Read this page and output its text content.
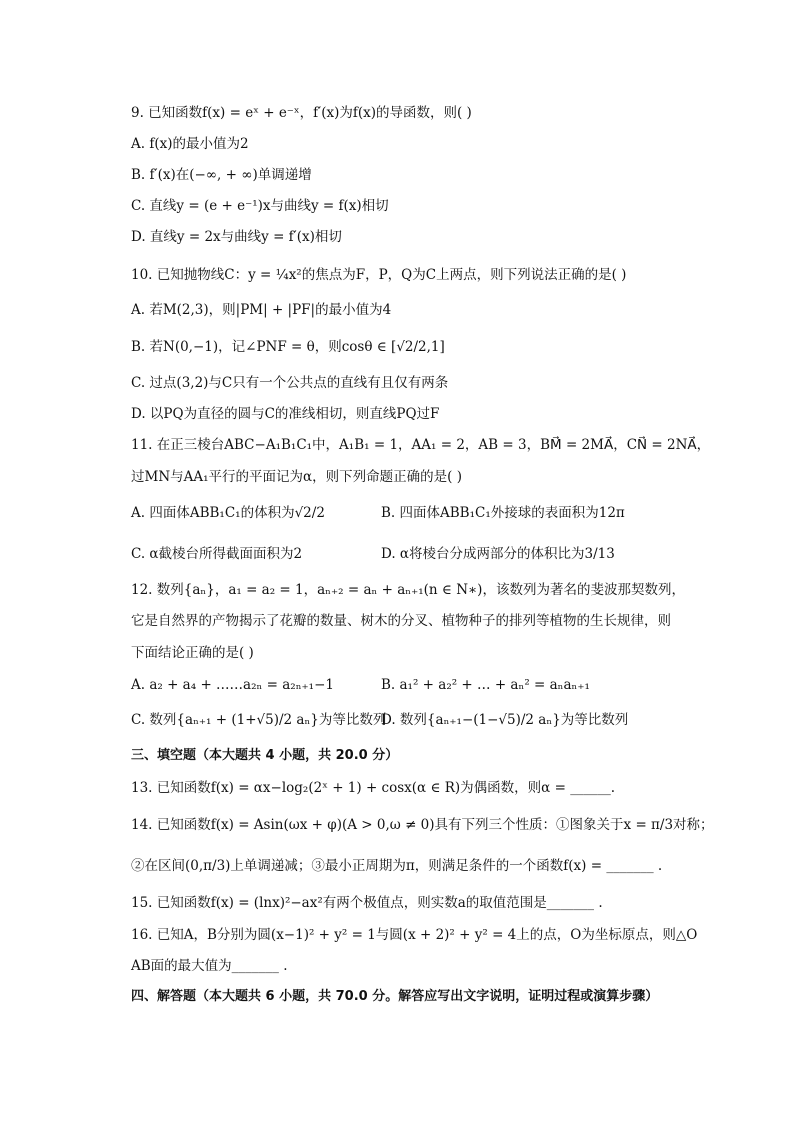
9. 已知函数f(x) = eˣ + e⁻ˣ，f′(x)为f(x)的导函数，则( )
A. f(x)的最小值为2
B. f′(x)在(−∞, + ∞)单调递增
C. 直线y = (e + e⁻¹)x与曲线y = f(x)相切
D. 直线y = 2x与曲线y = f′(x)相切
10. 已知抛物线C：y = ¼x²的焦点为F，P，Q为C上两点，则下列说法正确的是( )
A. 若M(2,3)，则|PM| + |PF|的最小值为4
B. 若N(0,−1)，记∠PNF = θ，则cosθ ∈ [√2/2,1]
C. 过点(3,2)与C只有一个公共点的直线有且仅有两条
D. 以PQ为直径的圆与C的准线相切，则直线PQ过F
11. 在正三棱台ABC−A₁B₁C₁中，A₁B₁ = 1，AA₁ = 2，AB = 3，BM⃗ = 2MA⃗，CN⃗ = 2NA⃗，
过MN与AA₁平行的平面记为α，则下列命题正确的是( )
A. 四面体ABB₁C₁的体积为√2/2	B. 四面体ABB₁C₁外接球的表面积为12π
C. α截棱台所得截面面积为2	D. α将棱台分成两部分的体积比为3/13
12. 数列{aₙ}，a₁ = a₂ = 1，aₙ₊₂ = aₙ + aₙ₊₁(n ∈ N∗)，该数列为著名的斐波那契数列，
它是自然界的产物揭示了花瓣的数量、树木的分叉、植物种子的排列等植物的生长规律，则
下面结论正确的是( )
A. a₂ + a₄ + ……a₂ₙ = a₂ₙ₊₁−1	B. a₁² + a₂² + … + aₙ² = aₙaₙ₊₁
C. 数列{aₙ₊₁ + (1+√5)/2 aₙ}为等比数列
D. 数列{aₙ₊₁−(1−√5)/2 aₙ}为等比数列
三、填空题（本大题共 4 小题，共 20.0 分）
13. 已知函数f(x) = αx−log₂(2ˣ + 1) + cosx(α ∈ R)为偶函数，则α = ______.
14. 已知函数f(x) = Asin(ωx + φ)(A > 0,ω ≠ 0)具有下列三个性质：①图象关于x = π/3对称；
②在区间(0,π/3)上单调递减；③最小正周期为π，则满足条件的一个函数f(x) = _______ .
15. 已知函数f(x) = (lnx)²−ax²有两个极值点，则实数a的取值范围是_______ .
16. 已知A，B分别为圆(x−1)² + y² = 1与圆(x + 2)² + y² = 4上的点，O为坐标原点，则△O
AB面的最大值为_______ .
四、解答题（本大题共 6 小题，共 70.0 分。解答应写出文字说明，证明过程或演算步骤）
